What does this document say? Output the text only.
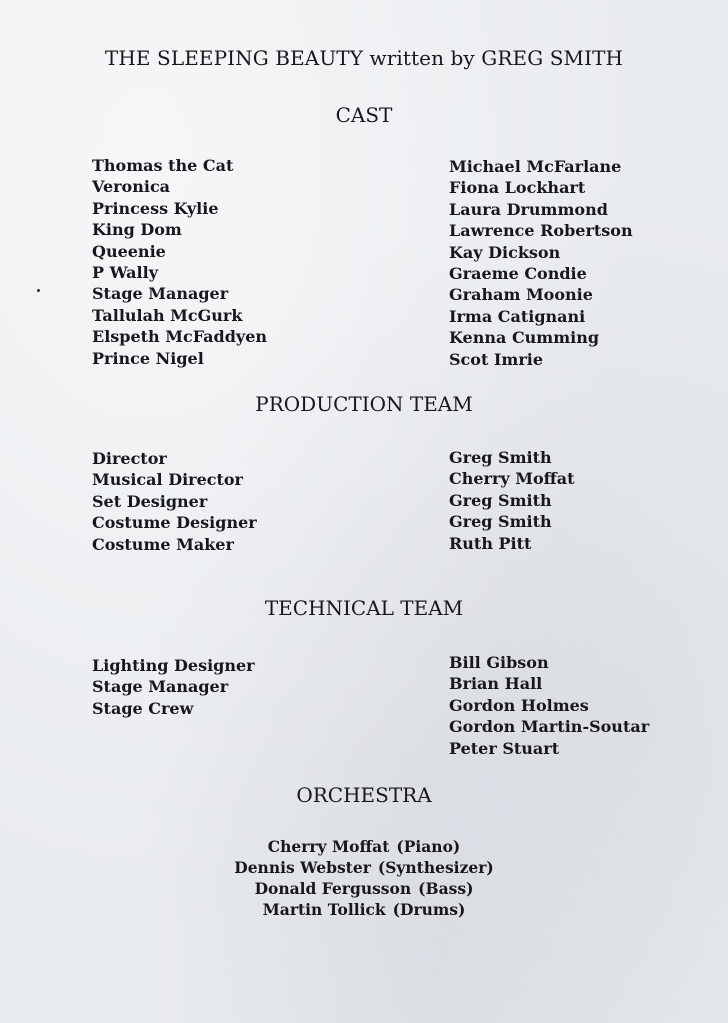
THE SLEEPING BEAUTY written by GREG SMITH
CAST
Thomas the Cat
Veronica
Princess Kylie
King Dom
Queenie
P Wally
Stage Manager
Tallulah McGurk
Elspeth McFaddyen
Prince Nigel
Michael McFarlane
Fiona Lockhart
Laura Drummond
Lawrence Robertson
Kay Dickson
Graeme Condie
Graham Moonie
Irma Catignani
Kenna Cumming
Scot Imrie
PRODUCTION TEAM
Director
Musical Director
Set Designer
Costume Designer
Costume Maker
Greg Smith
Cherry Moffat
Greg Smith
Greg Smith
Ruth Pitt
TECHNICAL TEAM
Lighting Designer
Stage Manager
Stage Crew
Bill Gibson
Brian Hall
Gordon Holmes
Gordon Martin-Soutar
Peter Stuart
ORCHESTRA
Cherry Moffat (Piano)
Dennis Webster (Synthesizer)
Donald Fergusson (Bass)
Martin Tollick (Drums)
